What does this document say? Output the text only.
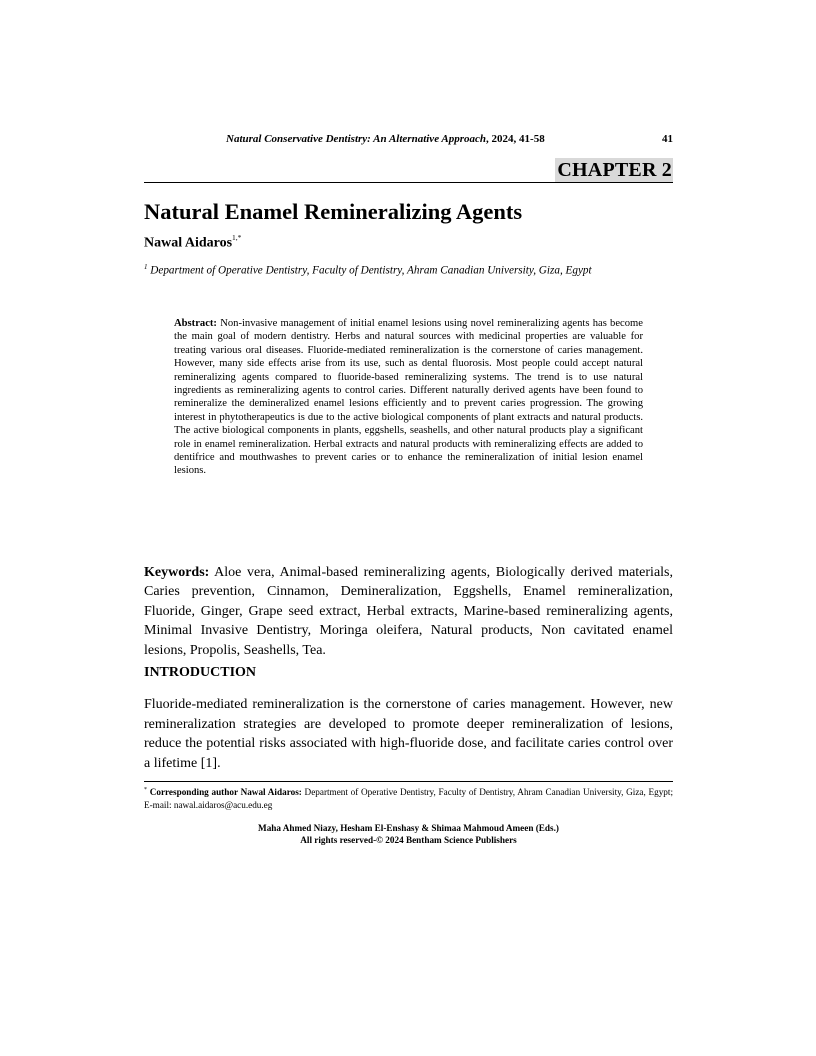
Natural Conservative Dentistry: An Alternative Approach, 2024, 41-58	41
CHAPTER 2
Natural Enamel Remineralizing Agents
Nawal Aidaros$^{1,*}$
$^1$ Department of Operative Dentistry, Faculty of Dentistry, Ahram Canadian University, Giza, Egypt
Abstract: Non-invasive management of initial enamel lesions using novel remineralizing agents has become the main goal of modern dentistry. Herbs and natural sources with medicinal properties are valuable for treating various oral diseases. Fluoride-mediated remineralization is the cornerstone of caries management. However, many side effects arise from its use, such as dental fluorosis. Most people could accept natural remineralizing agents compared to fluoride-based remineralizing systems. The trend is to use natural ingredients as remineralizing agents to control caries. Different naturally derived agents have been found to remineralize the demineralized enamel lesions efficiently and to prevent caries progression. The growing interest in phytotherapeutics is due to the active biological components of plant extracts and natural products. The active biological components in plants, eggshells, seashells, and other natural products play a significant role in enamel remineralization. Herbal extracts and natural products with remineralizing effects are added to dentifrice and mouthwashes to prevent caries or to enhance the remineralization of initial lesion enamel lesions.
Keywords: Aloe vera, Animal-based remineralizing agents, Biologically derived materials, Caries prevention, Cinnamon, Demineralization, Eggshells, Enamel remineralization, Fluoride, Ginger, Grape seed extract, Herbal extracts, Marine-based remineralizing agents, Minimal Invasive Dentistry, Moringa oleifera, Natural products, Non cavitated enamel lesions, Propolis, Seashells, Tea.
INTRODUCTION
Fluoride-mediated remineralization is the cornerstone of caries management. However, new remineralization strategies are developed to promote deeper remineralization of lesions, reduce the potential risks associated with high-fluoride dose, and facilitate caries control over a lifetime [1].
* Corresponding author Nawal Aidaros: Department of Operative Dentistry, Faculty of Dentistry, Ahram Canadian University, Giza, Egypt; E-mail: nawal.aidaros@acu.edu.eg
Maha Ahmed Niazy, Hesham El-Enshasy & Shimaa Mahmoud Ameen (Eds.)
All rights reserved-© 2024 Bentham Science Publishers
